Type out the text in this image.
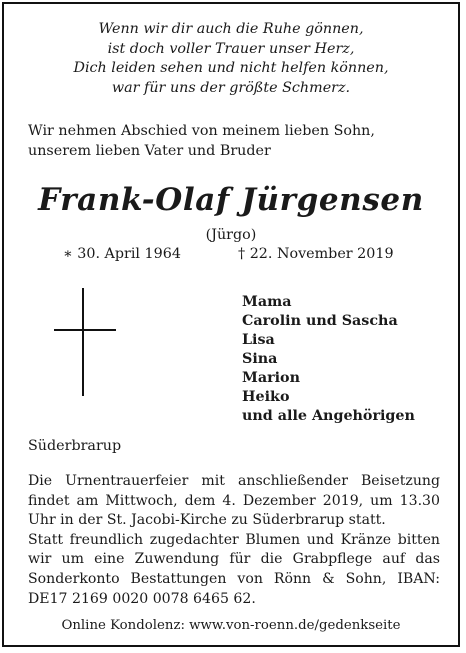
Wenn wir dir auch die Ruhe gönnen,
ist doch voller Trauer unser Herz,
Dich leiden sehen und nicht helfen können,
war für uns der größte Schmerz.
Wir nehmen Abschied von meinem lieben Sohn, unserem lieben Vater und Bruder
Frank-Olaf Jürgensen
(Jürgo)
∗ 30. April 1964	† 22. November 2019
Mama
Carolin und Sascha
Lisa
Sina
Marion
Heiko
und alle Angehörigen
Süderbrarup

Die Urnentrauerfeier mit anschließender Beisetzung findet am Mittwoch, dem 4. Dezember 2019, um 13.30 Uhr in der St. Jacobi-Kirche zu Süderbrarup statt.

Statt freundlich zugedachter Blumen und Kränze bitten wir um eine Zuwendung für die Grabpflege auf das Sonderkonto Bestattungen von Rönn & Sohn, IBAN: DE17 2169 0020 0078 6465 62.

Online Kondolenz: www.von-roenn.de/gedenkseite
